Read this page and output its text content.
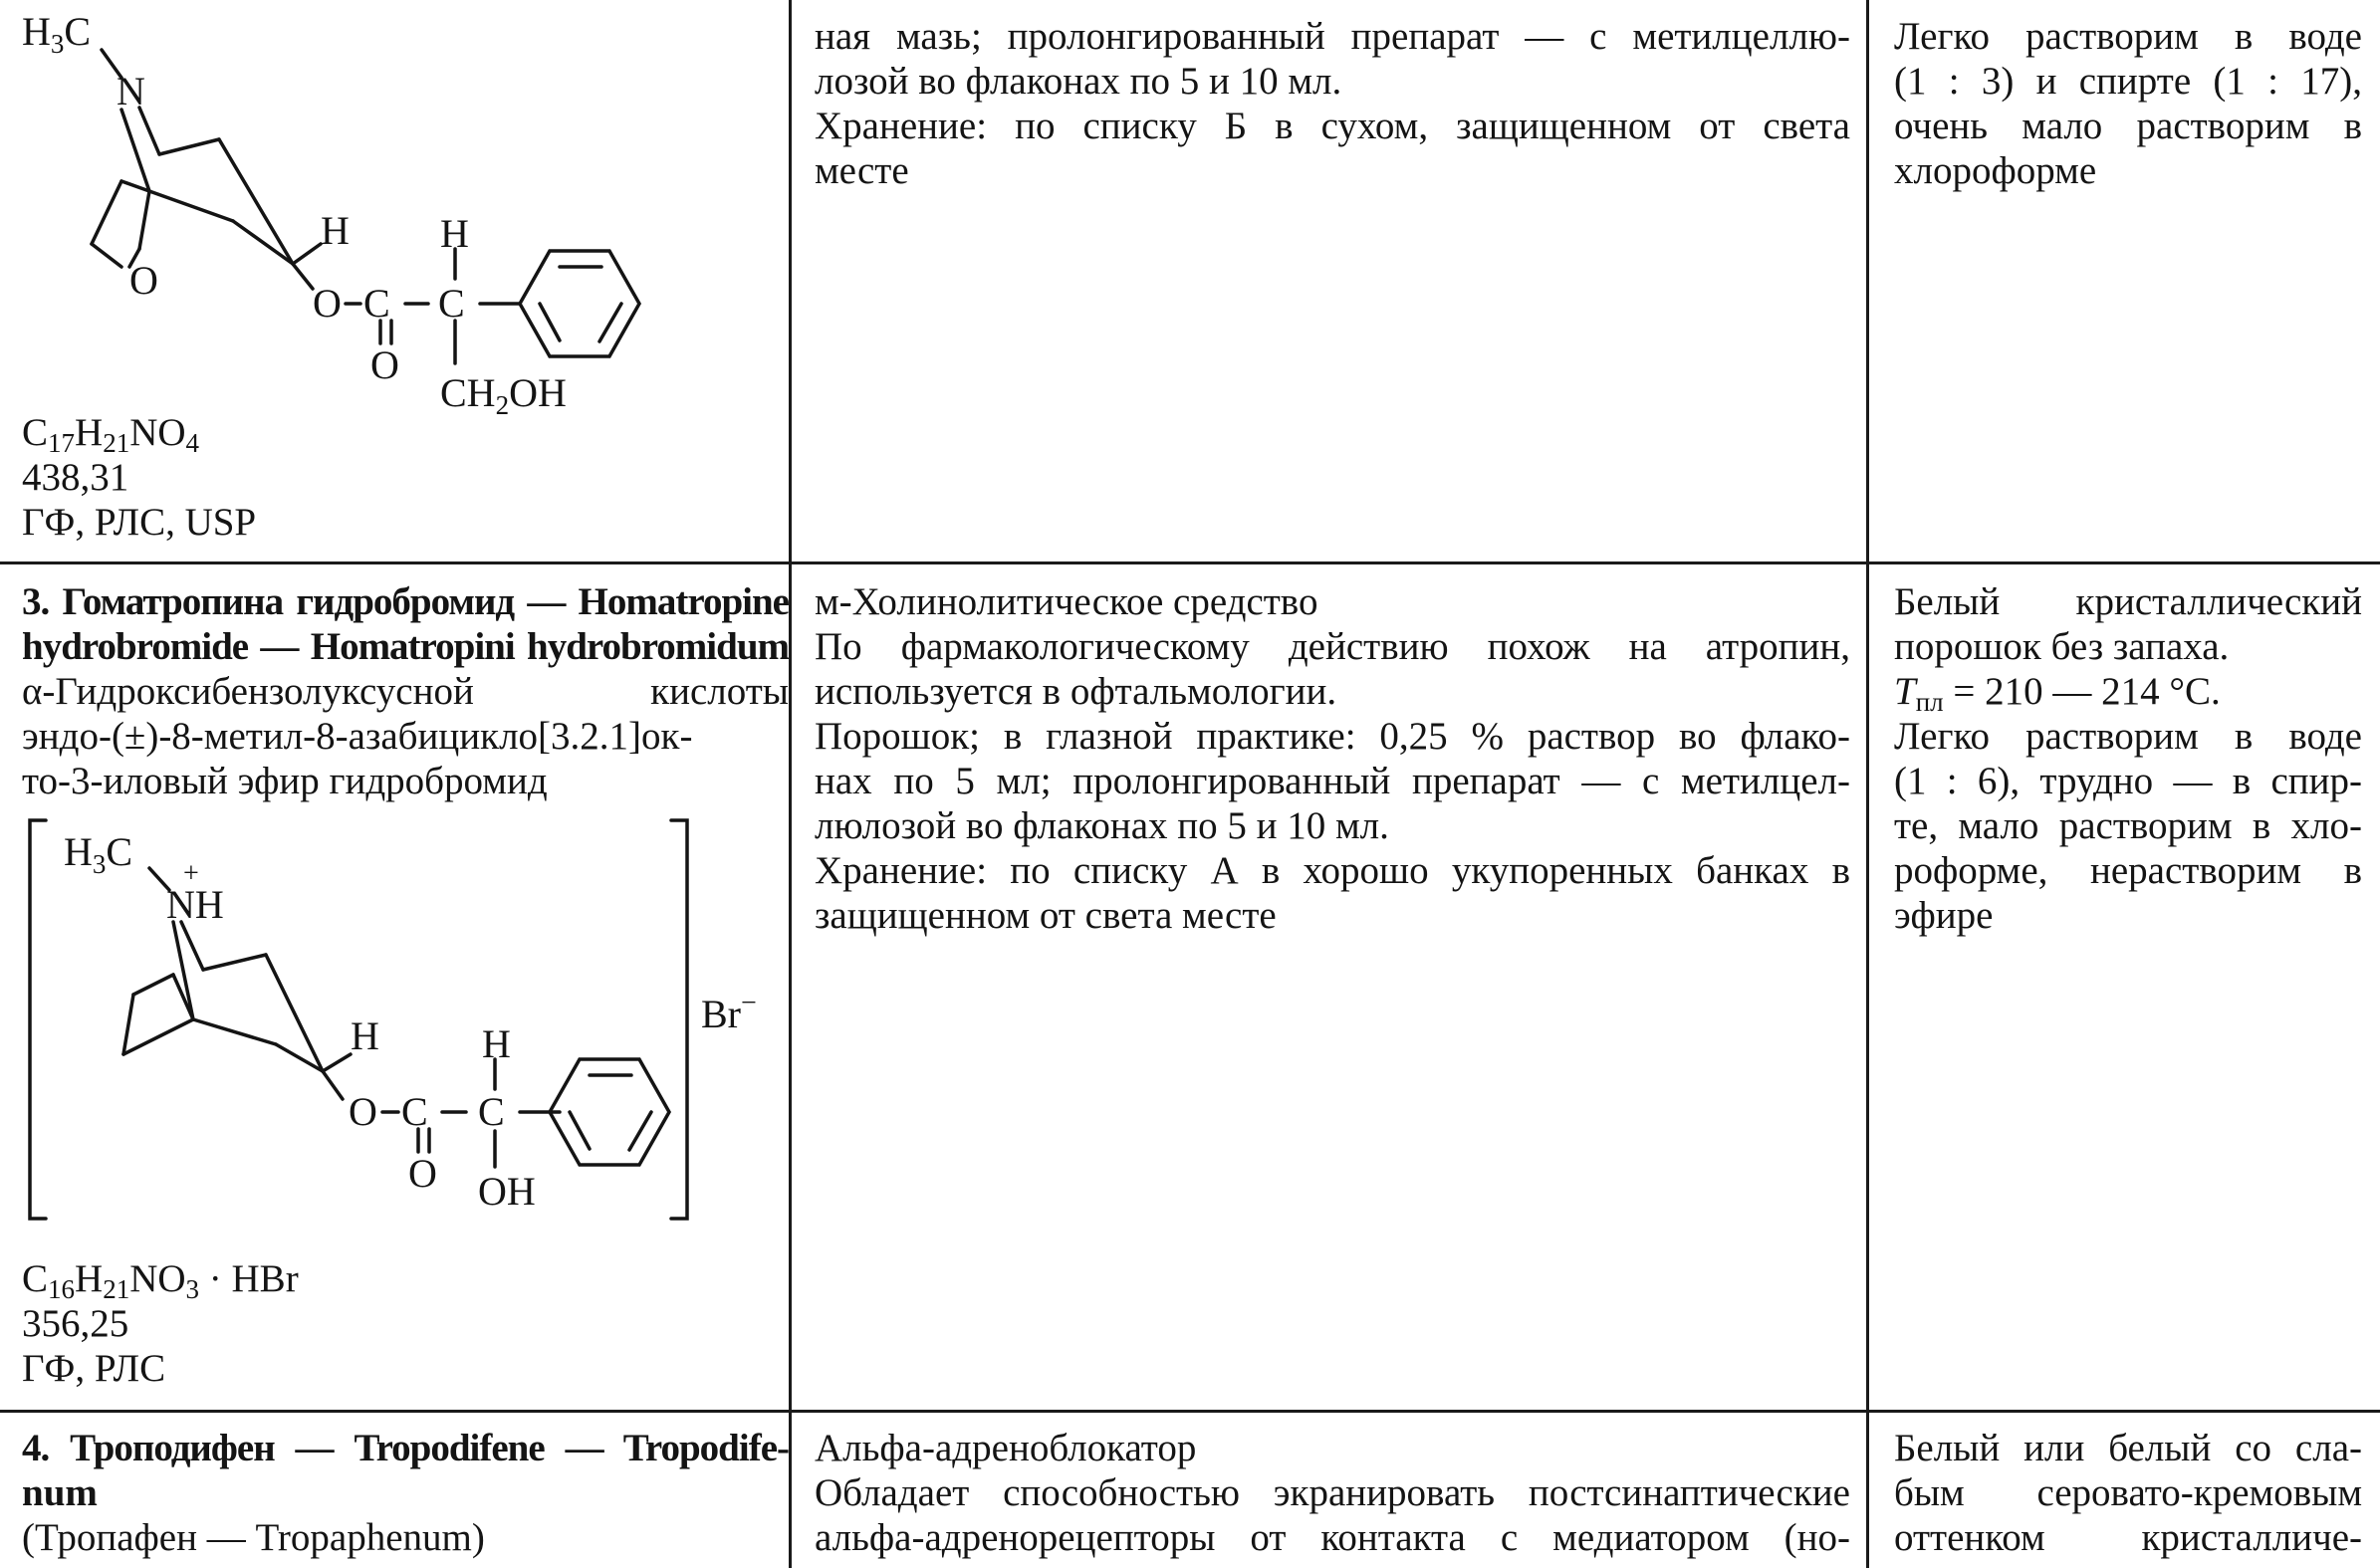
$H_3C$
N
H
O
O C
O
H
C
$CH_2OH$

$C_{17}H_{21}NO_4$

438,31

ГФ, РЛС, USP

ная мазь; пролонгированный препарат — с метилцеллю-

лозой во флаконах по 5 и 10 мл.

Хранение: по списку Б в сухом, защищенном от света

месте

Легко растворим в воде

(1 : 3) и спирте (1 : 17),

очень мало растворим в

хлороформе

3. Гоматропина гидробромид — Homatropine

hydrobromide — Homatropini hydrobromidum

α-Гидроксибензолуксусной кислоты

эндо-(±)-8-метил-8-азабицикло[3.2.1]ок-

то-3-иловый эфир гидробромид

$H_3C$ +
NH
H
O C
O
H
C
OH
Br−

$C_{16}H_{21}NO_3$ · HBr

356,25

ГФ, РЛС

м-Холинолитическое средство

По фармакологическому действию похож на атропин,

используется в офтальмологии.

Порошок; в глазной практике: 0,25 % раствор во флако-

нах по 5 мл; пролонгированный препарат — с метилцел-

люлозой во флаконах по 5 и 10 мл.

Хранение: по списку А в хорошо укупоренных банках в

защищенном от света месте

Белый кристаллический

порошок без запаха.

$T_{пл} = 210$ — 214 °C.

Легко растворим в воде

(1 : 6), трудно — в спир-

те, мало растворим в хло-

роформе, нерастворим в

эфире

4. Троподифен — Tropodifene — Tropodife-

num

(Тропафен — Tropaphenum)

Альфа-адреноблокатор

Обладает способностью экранировать постсинаптические

альфа-адренорецепторы от контакта с медиатором (но-

Белый или белый со сла-

бым серовато-кремовым

оттенком кристалличе-
